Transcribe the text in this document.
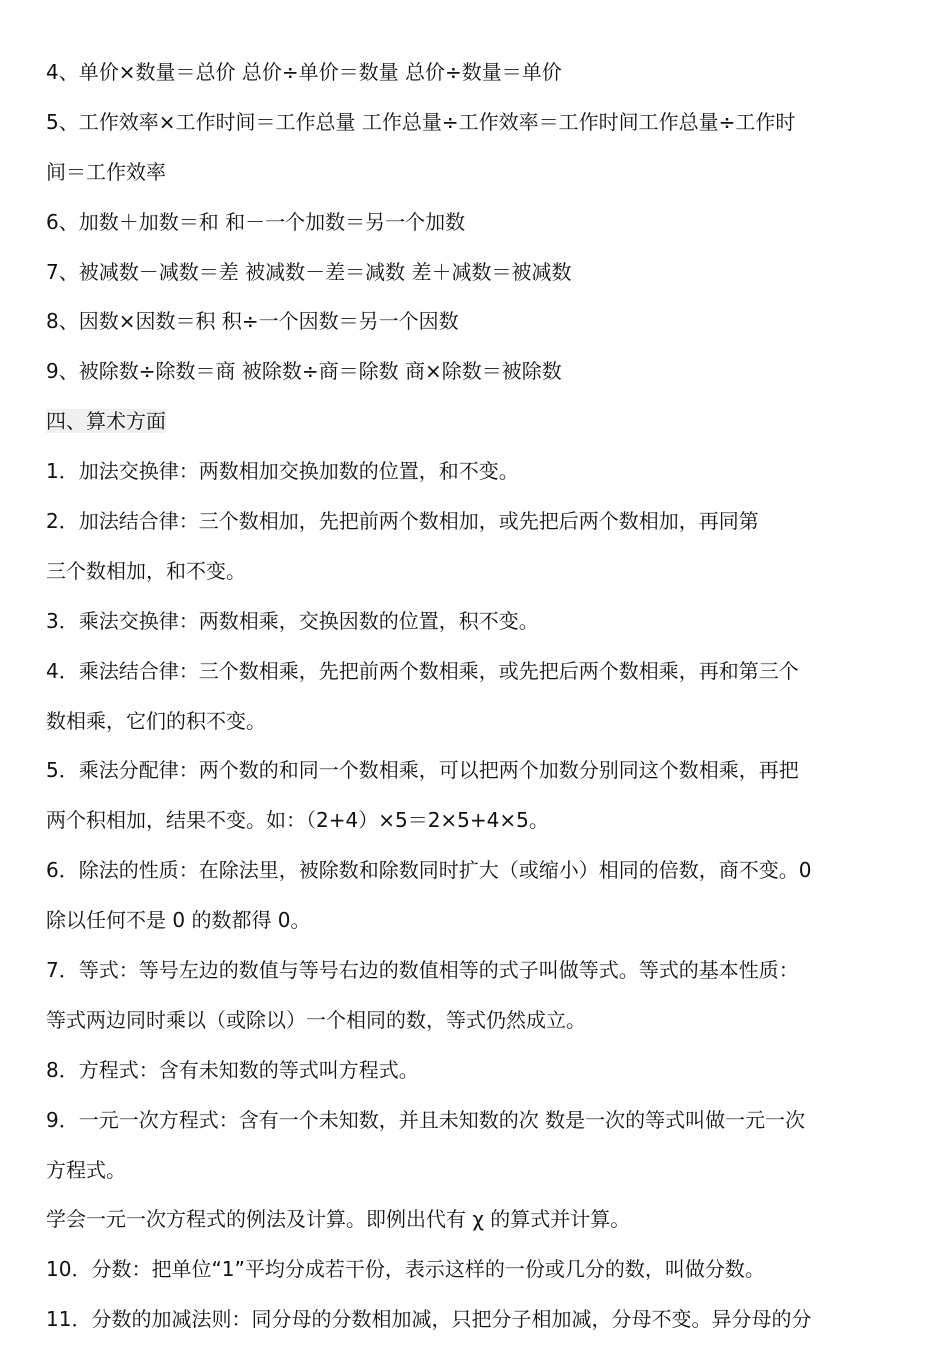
4、单价×数量＝总价 总价÷单价＝数量 总价÷数量＝单价
5、工作效率×工作时间＝工作总量 工作总量÷工作效率＝工作时间工作总量÷工作时
间＝工作效率
6、加数＋加数＝和 和－一个加数＝另一个加数
7、被减数－减数＝差 被减数－差＝减数 差＋减数＝被减数
8、因数×因数＝积 积÷一个因数＝另一个因数
9、被除数÷除数＝商 被除数÷商＝除数 商×除数＝被除数
四、算术方面
1．加法交换律：两数相加交换加数的位置，和不变。
2．加法结合律：三个数相加，先把前两个数相加，或先把后两个数相加，再同第
三个数相加，和不变。
3．乘法交换律：两数相乘，交换因数的位置，积不变。
4．乘法结合律：三个数相乘，先把前两个数相乘，或先把后两个数相乘，再和第三个
数相乘，它们的积不变。
5．乘法分配律：两个数的和同一个数相乘，可以把两个加数分别同这个数相乘，再把
两个积相加，结果不变。如：（2+4）×5＝2×5+4×5。
6．除法的性质：在除法里，被除数和除数同时扩大（或缩小）相同的倍数，商不变。0
除以任何不是 0 的数都得 0。
7．等式：等号左边的数值与等号右边的数值相等的式子叫做等式。等式的基本性质：
等式两边同时乘以（或除以）一个相同的数，等式仍然成立。
8．方程式：含有未知数的等式叫方程式。
9．一元一次方程式：含有一个未知数，并且未知数的次 数是一次的等式叫做一元一次
方程式。
学会一元一次方程式的例法及计算。即例出代有 χ 的算式并计算。
10．分数：把单位“1”平均分成若干份，表示这样的一份或几分的数，叫做分数。
11．分数的加减法则：同分母的分数相加减，只把分子相加减，分母不变。异分母的分
